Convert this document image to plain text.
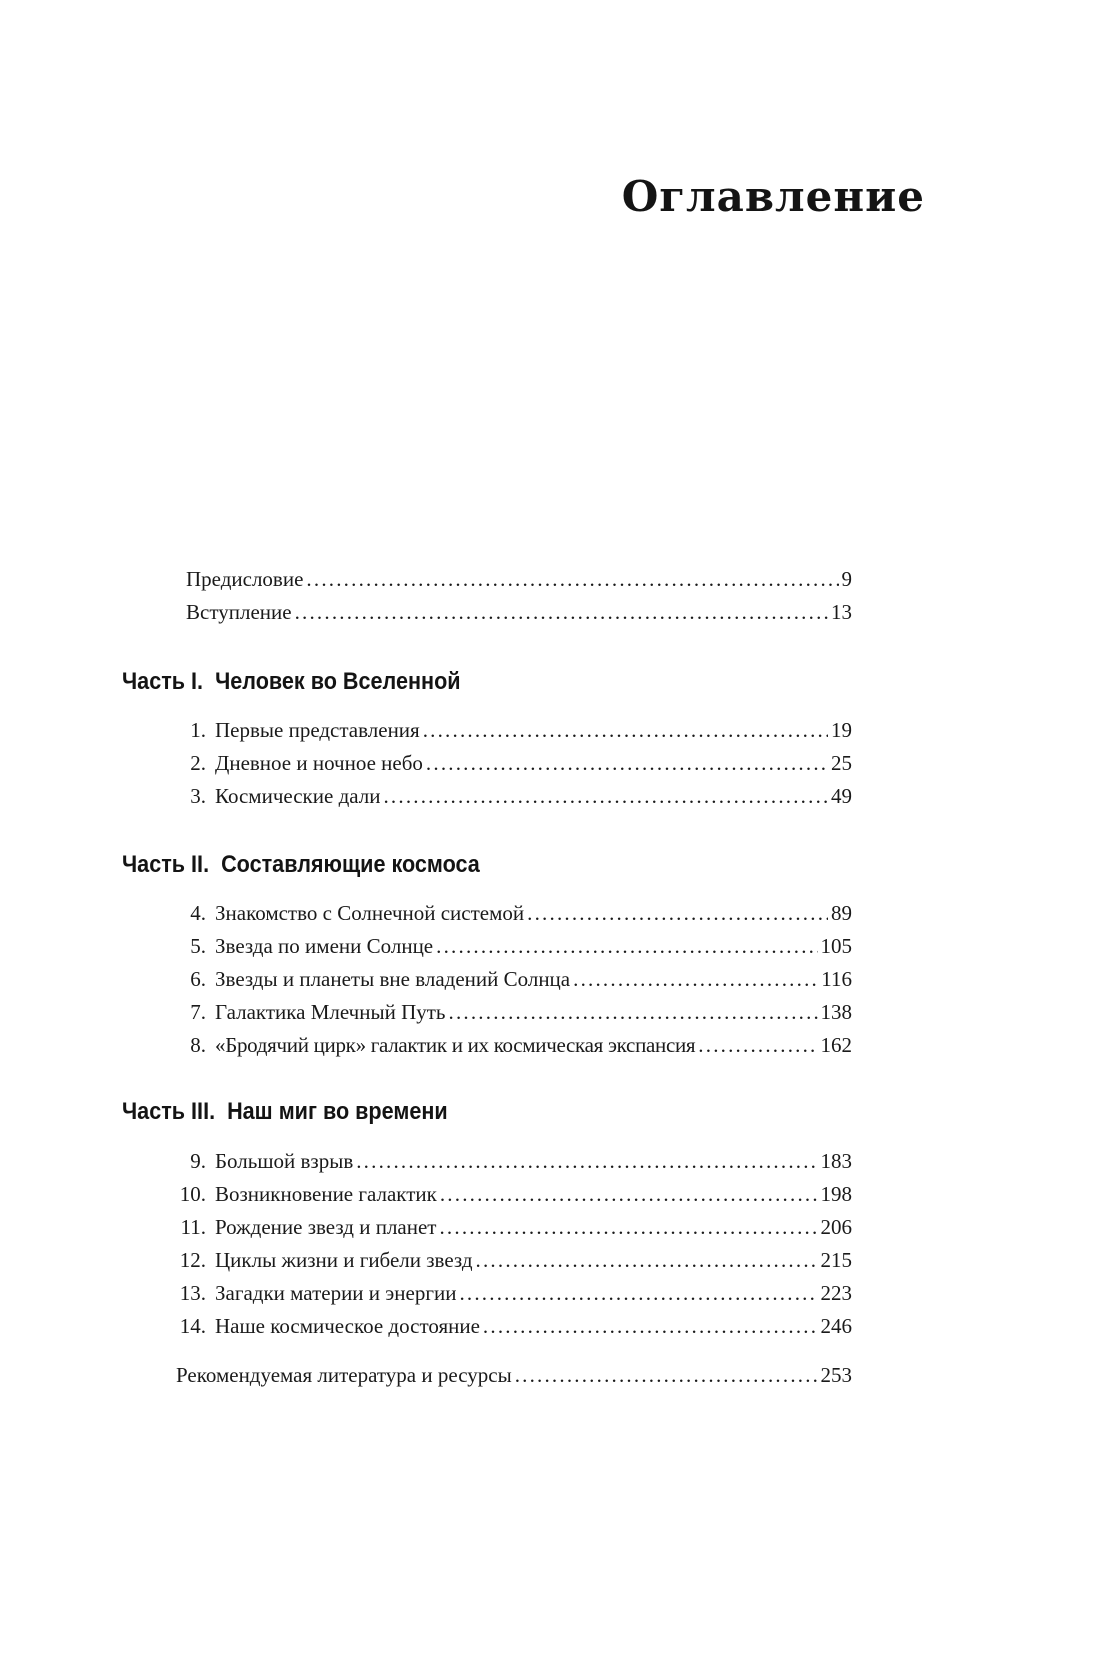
Оглавление
Предисловие .....	9
Вступление .....	13
Часть I. Человек во Вселенной
1. Первые представления .....	19
2. Дневное и ночное небо .....	25
3. Космические дали .....	49
Часть II. Составляющие космоса
4. Знакомство с Солнечной системой .....	89
5. Звезда по имени Солнце .....	105
6. Звезды и планеты вне владений Солнца .....	116
7. Галактика Млечный Путь .....	138
8. «Бродячий цирк» галактик и их космическая экспансия .....	162
Часть III. Наш миг во времени
9. Большой взрыв .....	183
10. Возникновение галактик .....	198
11. Рождение звезд и планет .....	206
12. Циклы жизни и гибели звезд .....	215
13. Загадки материи и энергии .....	223
14. Наше космическое достояние .....	246
Рекомендуемая литература и ресурсы .....	253
